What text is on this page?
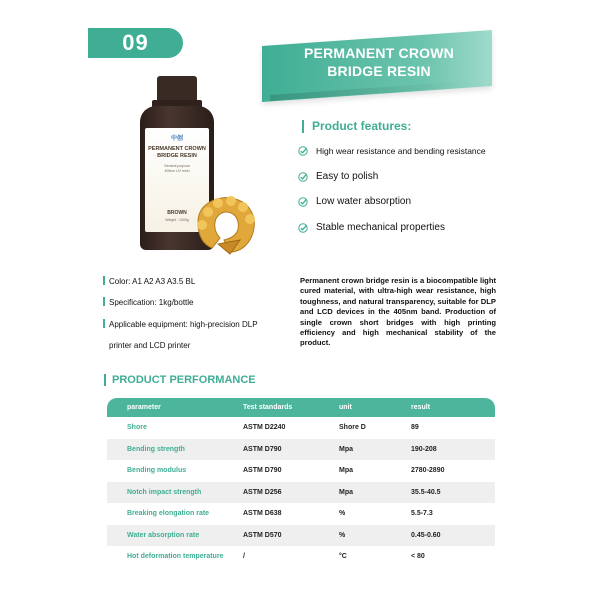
09	PERMANENT CROWN
BRIDGE RESIN
中创
PERMANENT CROWN
BRIDGE RESIN
General purpose
405nm UV resin
BROWN
Weight : 1000g
Product features:
High wear resistance and bending resistance
Easy to polish
Low water absorption
Stable mechanical properties
Color: A1 A2 A3 A3.5 BL
Specification: 1kg/bottle
Applicable equipment: high-precision DLP
printer and LCD printer
Permanent crown bridge resin is a biocompatible light cured material, with ultra-high wear resistance, high toughness, and natural transparency, suitable for DLP and LCD devices in the 405nm band. Production of single crown short bridges with high printing efficiency and high mechanical stability of the product.
PRODUCT PERFORMANCE
parameter	Test standards	unit	result
Shore	ASTM D2240	Shore D	89
Bending strength	ASTM D790	Mpa	190-208
Bending modulus	ASTM D790	Mpa	2780-2890
Notch impact strength	ASTM D256	Mpa	35.5-40.5
Breaking elongation rate	ASTM D638	%	5.5-7.3
Water absorption rate	ASTM D570	%	0.45-0.60
Hot deformation temperature	/	°C	< 80
